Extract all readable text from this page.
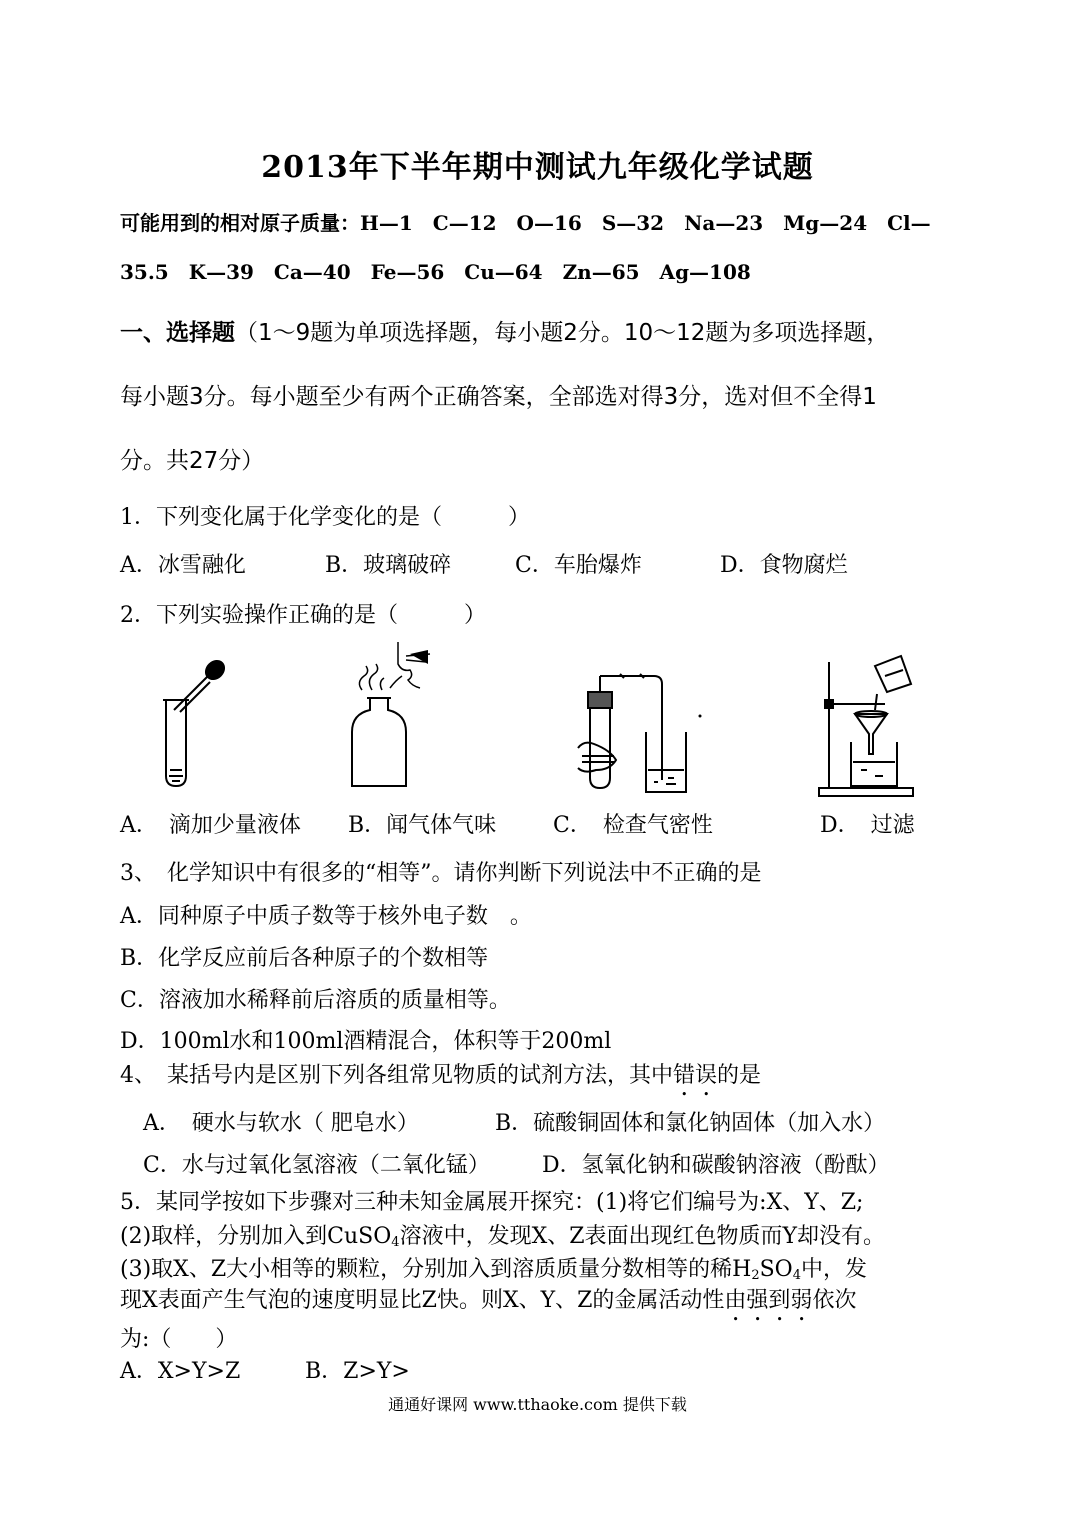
2013年下半年期中测试九年级化学试题
可能用到的相对原子质量：H—1　C—12　O—16　S—32　Na—23　Mg—24　Cl—
35.5　K—39　Ca—40　Fe—56　Cu—64　Zn—65　Ag—108
一、选择题（1～9题为单项选择题，每小题2分。10～12题为多项选择题，
每小题3分。每小题至少有两个正确答案，全部选对得3分，选对但不全得1
分。共27分）
1．下列变化属于化学变化的是（　　　）
A．冰雪融化	B．玻璃破碎	C．车胎爆炸	D．食物腐烂
2．下列实验操作正确的是（　　　）
A．　滴加少量液体 B．闻气体气味	C．　检查气密性	D．　过滤
3、　化学知识中有很多的“相等”。请你判断下列说法中不正确的是
A．同种原子中质子数等于核外电子数　。
B．化学反应前后各种原子的个数相等
C．溶液加水稀释前后溶质的质量相等。
D．100ml水和100ml酒精混合，体积等于200ml
4、　某括号内是区别下列各组常见物质的试剂方法，其中错误的是
A．　硬水与软水（ 肥皂水）	B．硫酸铜固体和氯化钠固体（加入水）
C．水与过氧化氢溶液（二氧化锰） D．氢氧化钠和碳酸钠溶液（酚酞）
5．某同学按如下步骤对三种未知金属展开探究：(1)将它们编号为:X、Y、Z;
(2)取样，分别加入到CuSO$_4$溶液中，发现X、Z表面出现红色物质而Y却没有。
(3)取X、Z大小相等的颗粒，分别加入到溶质质量分数相等的稀$H_2SO_4$中，发
现X表面产生气泡的速度明显比Z快。则X、Y、Z的金属活动性由强到弱依次
为:（　　）
A．X>Y>Z	B．Z>Y>
通通好课网 www.tthaoke.com 提供下载
